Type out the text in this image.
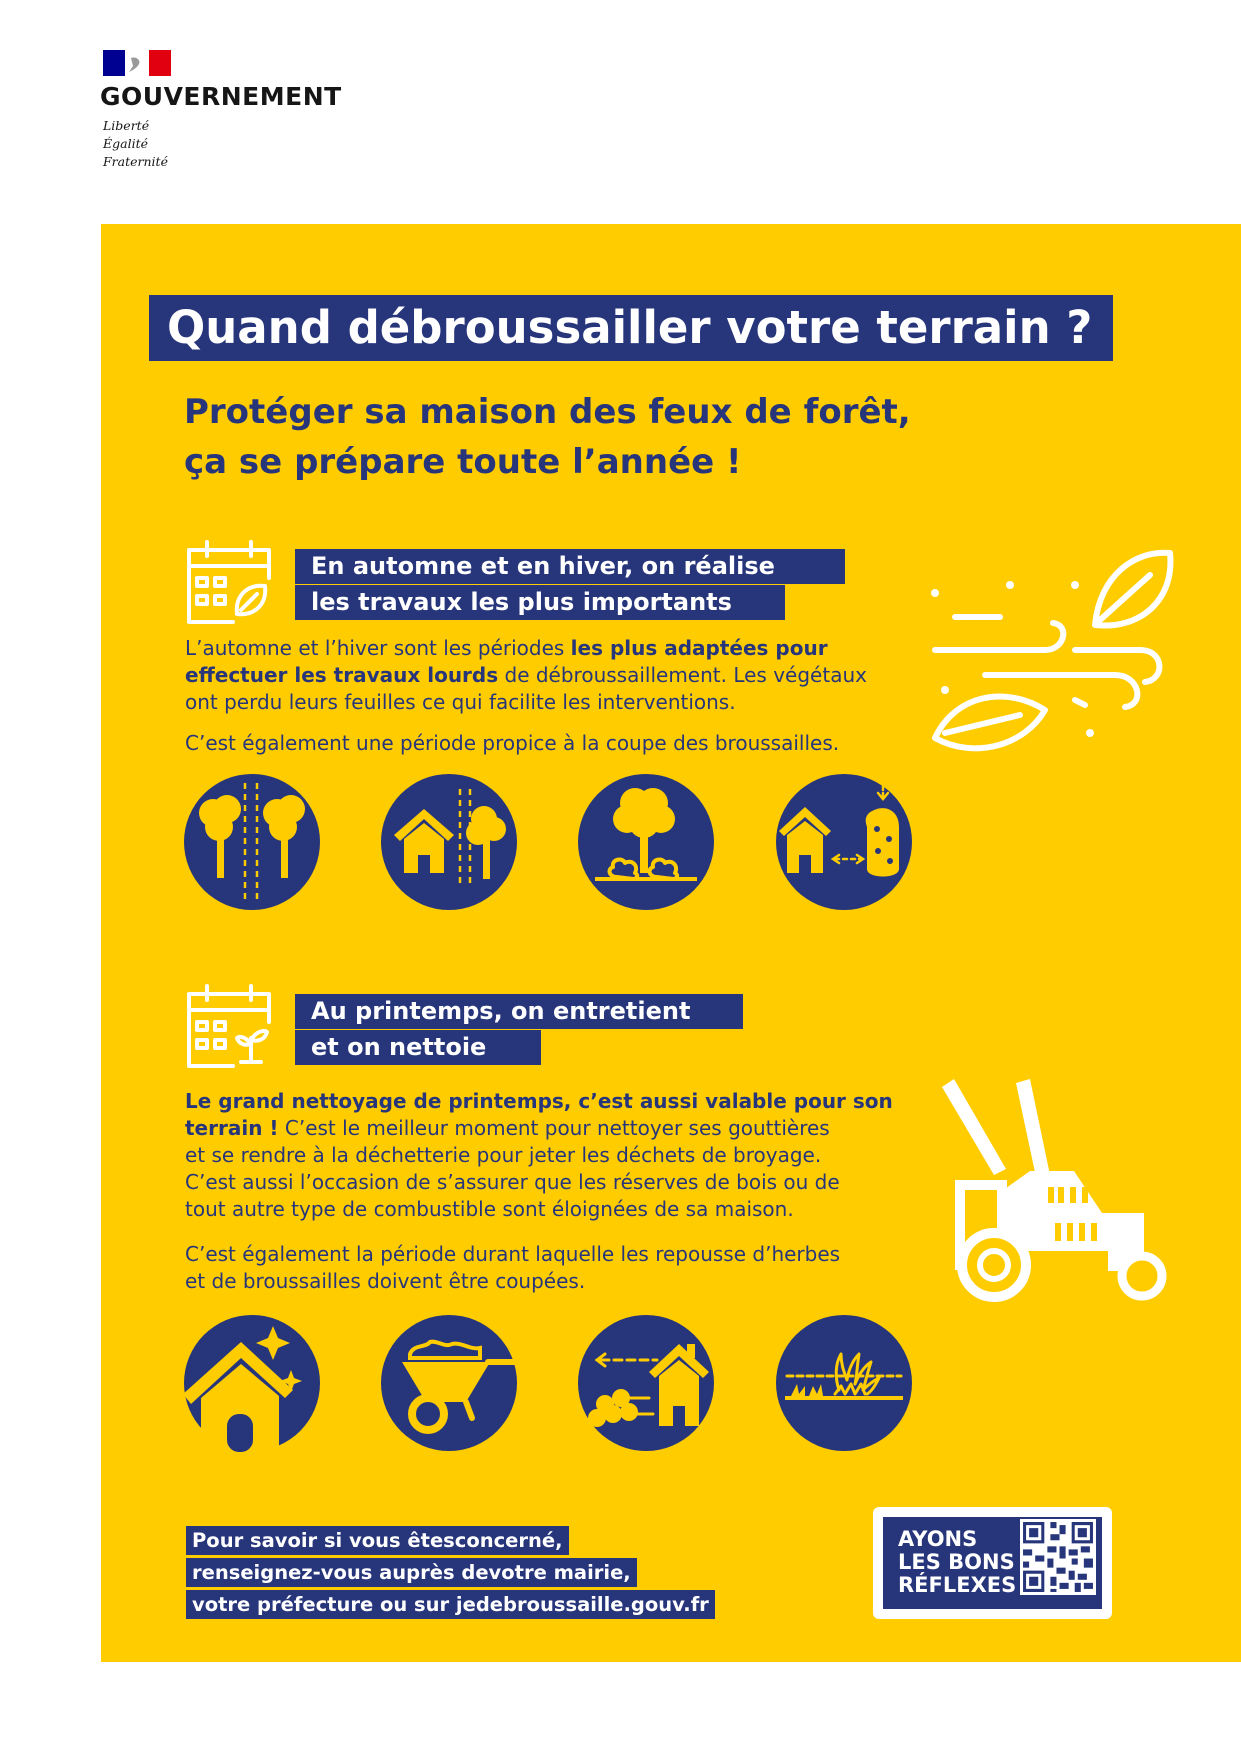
GOUVERNEMENT
Liberté
Égalité
Fraternité
Quand débroussailler votre terrain ?
Protéger sa maison des feux de forêt,
ça se prépare toute l’année !
En automne et en hiver, on réalise
les travaux les plus importants
L’automne et l’hiver sont les périodes les plus adaptées pour
effectuer les travaux lourds de débroussaillement. Les végétaux
ont perdu leurs feuilles ce qui facilite les interventions.
C’est également une période propice à la coupe des broussailles.
Au printemps, on entretient
et on nettoie
Le grand nettoyage de printemps, c’est aussi valable pour son
terrain ! C’est le meilleur moment pour nettoyer ses gouttières
et se rendre à la déchetterie pour jeter les déchets de broyage.
C’est aussi l’occasion de s’assurer que les réserves de bois ou de
tout autre type de combustible sont éloignées de sa maison.
C’est également la période durant laquelle les repousse d’herbes
et de broussailles doivent être coupées.
Pour savoir si vous êtesconcerné,
renseignez-vous auprès devotre mairie,
votre préfecture ou sur jedebroussaille.gouv.fr
AYONS
LES BONS
RÉFLEXES
